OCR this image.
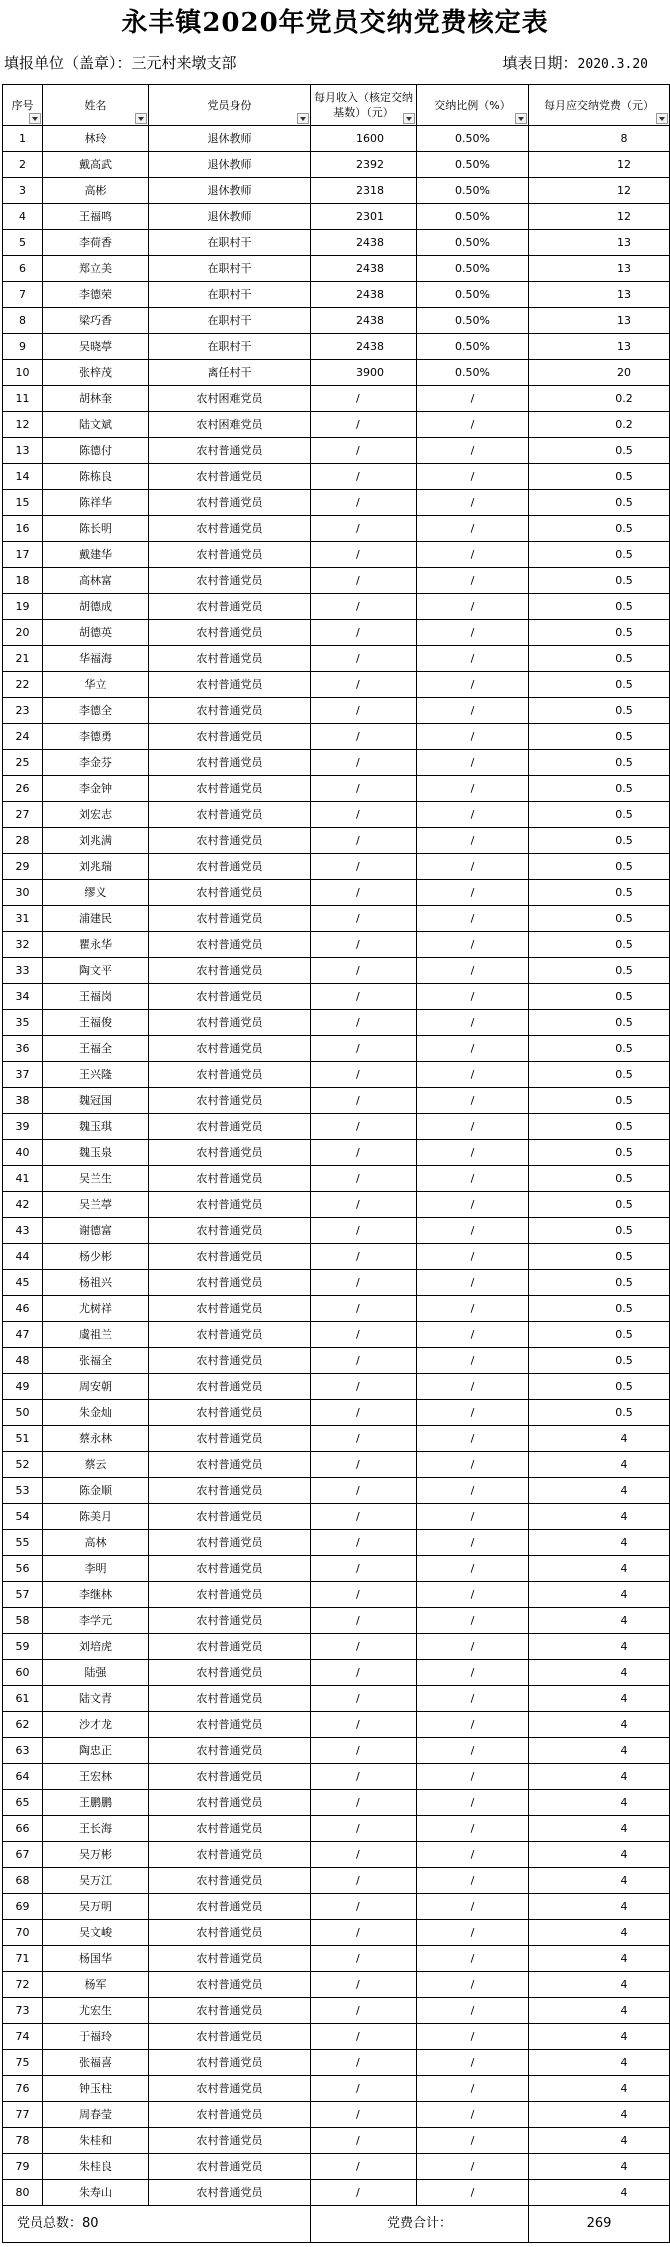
永丰镇2020年党员交纳党费核定表
填报单位（盖章）：三元村来墩支部	填表日期：2020.3.20
序号	姓名	党员身份	每月收入（核定交纳基数）（元）	交纳比例（%）	每月应交纳党费（元）

1	林玲	退休教师	1600	0.50%	8
2	戴高武	退休教师	2392	0.50%	12
3	高彬	退休教师	2318	0.50%	12
4	王福鸣	退休教师	2301	0.50%	12
5	李荷香	在职村干	2438	0.50%	13
6	郑立美	在职村干	2438	0.50%	13
7	李德荣	在职村干	2438	0.50%	13
8	梁巧香	在职村干	2438	0.50%	13
9	吴晓葶	在职村干	2438	0.50%	13
10	张梓茂	离任村干	3900	0.50%	20
11	胡林奎	农村困难党员	/	/	0.2
12	陆文斌	农村困难党员	/	/	0.2
13	陈德付	农村普通党员	/	/	0.5
14	陈栋良	农村普通党员	/	/	0.5
15	陈祥华	农村普通党员	/	/	0.5
16	陈长明	农村普通党员	/	/	0.5
17	戴建华	农村普通党员	/	/	0.5
18	高林富	农村普通党员	/	/	0.5
19	胡德成	农村普通党员	/	/	0.5
20	胡德英	农村普通党员	/	/	0.5
21	华福海	农村普通党员	/	/	0.5
22	华立	农村普通党员	/	/	0.5
23	李德全	农村普通党员	/	/	0.5
24	李德勇	农村普通党员	/	/	0.5
25	李金芬	农村普通党员	/	/	0.5
26	李金钟	农村普通党员	/	/	0.5
27	刘宏志	农村普通党员	/	/	0.5
28	刘兆满	农村普通党员	/	/	0.5
29	刘兆瑞	农村普通党员	/	/	0.5
30	缪义	农村普通党员	/	/	0.5
31	浦建民	农村普通党员	/	/	0.5
32	瞿永华	农村普通党员	/	/	0.5
33	陶文平	农村普通党员	/	/	0.5
34	王福岗	农村普通党员	/	/	0.5
35	王福俊	农村普通党员	/	/	0.5
36	王福全	农村普通党员	/	/	0.5
37	王兴隆	农村普通党员	/	/	0.5
38	魏冠国	农村普通党员	/	/	0.5
39	魏玉琪	农村普通党员	/	/	0.5
40	魏玉泉	农村普通党员	/	/	0.5
41	吴兰生	农村普通党员	/	/	0.5
42	吴兰葶	农村普通党员	/	/	0.5
43	谢德富	农村普通党员	/	/	0.5
44	杨少彬	农村普通党员	/	/	0.5
45	杨祖兴	农村普通党员	/	/	0.5
46	尤树祥	农村普通党员	/	/	0.5
47	虞祖兰	农村普通党员	/	/	0.5
48	张福全	农村普通党员	/	/	0.5
49	周安朝	农村普通党员	/	/	0.5
50	朱金灿	农村普通党员	/	/	0.5
51	蔡永林	农村普通党员	/	/	4
52	蔡云	农村普通党员	/	/	4
53	陈金顺	农村普通党员	/	/	4
54	陈美月	农村普通党员	/	/	4
55	高林	农村普通党员	/	/	4
56	李明	农村普通党员	/	/	4
57	李继林	农村普通党员	/	/	4
58	李学元	农村普通党员	/	/	4
59	刘培虎	农村普通党员	/	/	4
60	陆强	农村普通党员	/	/	4
61	陆文青	农村普通党员	/	/	4
62	沙才龙	农村普通党员	/	/	4
63	陶忠正	农村普通党员	/	/	4
64	王宏林	农村普通党员	/	/	4
65	王鹏鹏	农村普通党员	/	/	4
66	王长海	农村普通党员	/	/	4
67	吴万彬	农村普通党员	/	/	4
68	吴万江	农村普通党员	/	/	4
69	吴万明	农村普通党员	/	/	4
70	吴文峻	农村普通党员	/	/	4
71	杨国华	农村普通党员	/	/	4
72	杨军	农村普通党员	/	/	4
73	尤宏生	农村普通党员	/	/	4
74	于福玲	农村普通党员	/	/	4
75	张福喜	农村普通党员	/	/	4
76	钟玉柱	农村普通党员	/	/	4
77	周春莹	农村普通党员	/	/	4
78	朱桂和	农村普通党员	/	/	4
79	朱桂良	农村普通党员	/	/	4
80	朱寿山	农村普通党员	/	/	4
党员总数：80			党费合计：		269
